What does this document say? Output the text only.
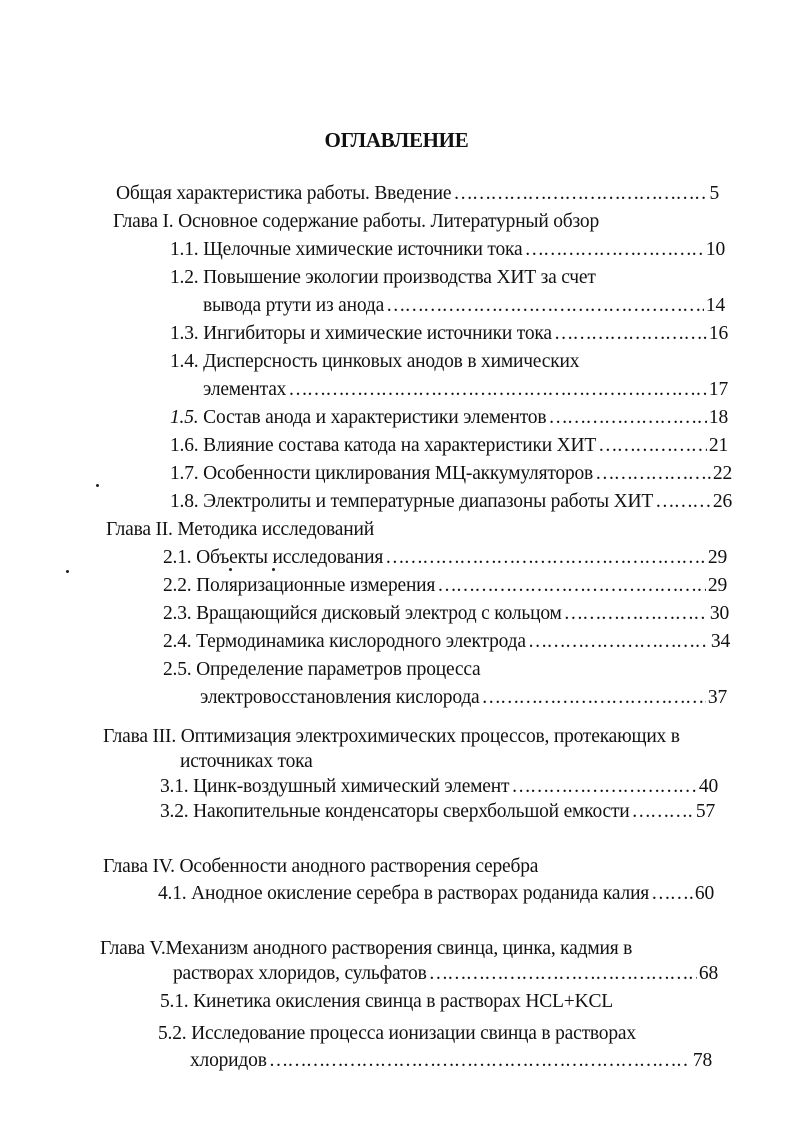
ОГЛАВЛЕНИЕ
Общая характеристика работы. Введение …………………………………………………………………………………………………………………………………………………………	5
Глава I. Основное содержание работы. Литературный обзор
1.1.
Щелочные химические источники тока …………………………………………………………………………………………………………………………………………………………	10
1.2. Повышение экологии производства ХИТ за счет
вывода ртути из анода …………………………………………………………………………………………………………………………………………………………	14
1.3.
Ингибиторы и химические источники тока …………………………………………………………………………………………………………………………………………………………	16
1.4. Дисперсность цинковых анодов в химических
элементах …………………………………………………………………………………………………………………………………………………………	17
1.5.
Состав анода и характеристики элементов …………………………………………………………………………………………………………………………………………………………	18
1.6.
Влияние состава катода на характеристики ХИТ …………………………………………………………………………………………………………………………………………………………	21
1.7.
Особенности циклирования МЦ-аккумуляторов …………………………………………………………………………………………………………………………………………………………	22
1.8.
Электролиты и температурные диапазоны работы ХИТ …………………………………………………………………………………………………………………………………………………………	26
Глава II. Методика исследований
2.1.
Объекты исследования …………………………………………………………………………………………………………………………………………………………	29
2.2.
Поляризационные измерения …………………………………………………………………………………………………………………………………………………………	29
2.3.
Вращающийся дисковый электрод с кольцом …………………………………………………………………………………………………………………………………………………………	30
2.4.
Термодинамика кислородного электрода …………………………………………………………………………………………………………………………………………………………	34
2.5. Определение параметров процесса
электровосстановления кислорода …………………………………………………………………………………………………………………………………………………………	37
Глава III. Оптимизация электрохимических процессов, протекающих в
источниках тока
3.1.
Цинк-воздушный химический элемент …………………………………………………………………………………………………………………………………………………………	40
3.2.
Накопительные конденсаторы сверхбольшой емкости …………………………………………………………………………………………………………………………………………………………	57
Глава IV. Особенности анодного растворения серебра
4.1.
Анодное окисление серебра в растворах роданида калия ………………………………………………………………………………………………………………………………………………………… 60
Глава V.Механизм анодного растворения свинца, цинка, кадмия в
растворах хлоридов, сульфатов …………………………………………………………………………………………………………………………………………………………	68
5.1. Кинетика окисления свинца в растворах HCL+KCL
5.2. Исследование процесса ионизации свинца в растворах
хлоридов …………………………………………………………………………………………………………………………………………………………	78
